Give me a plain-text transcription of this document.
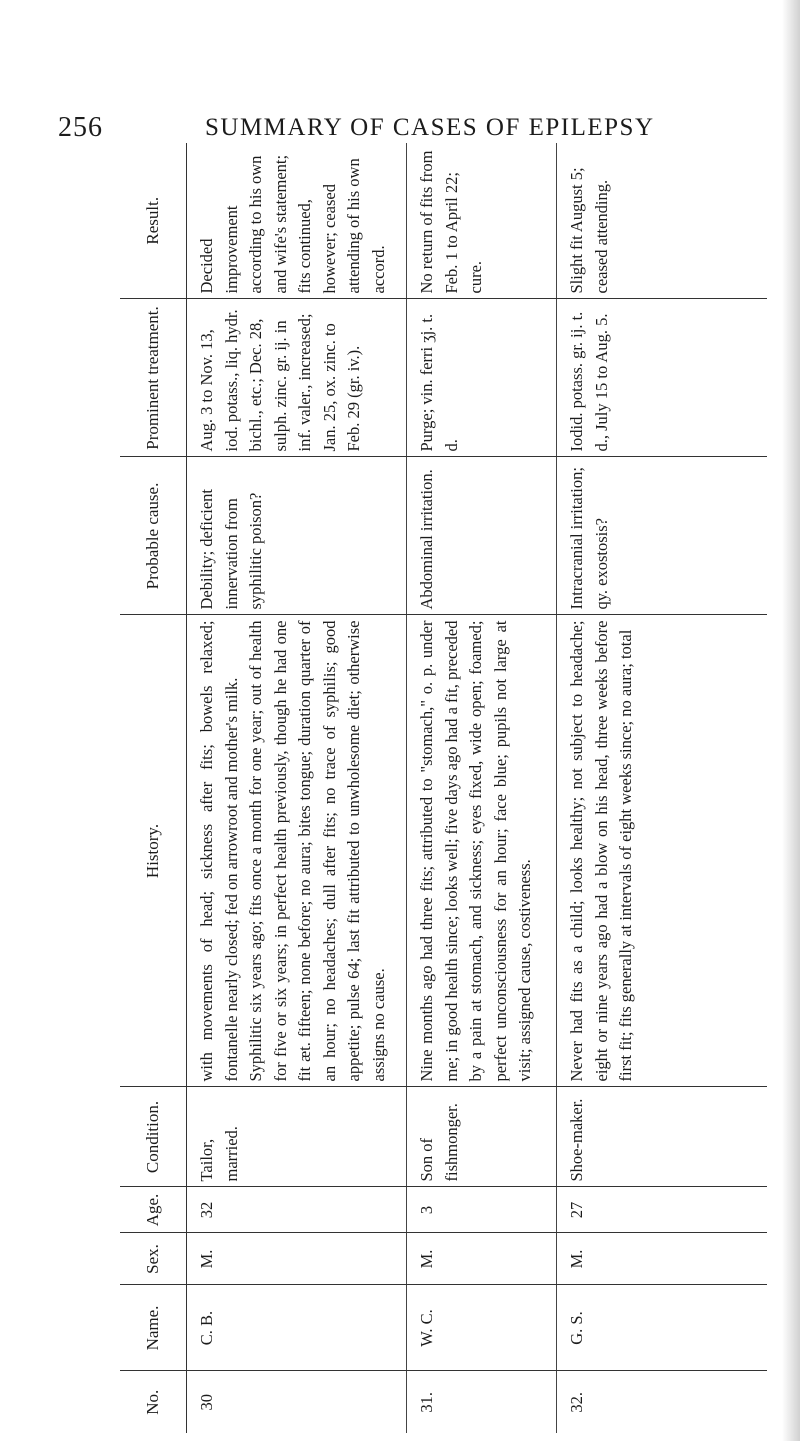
256	SUMMARY OF CASES OF EPILEPSY
No.	Name.	Sex.	Age.	Condition.	History.	Probable cause.	Prominent treatment.	Result.
30	C. B.	M.	32	Tailor, married.	with movements of head; sickness after fits; bowels relaxed; fontanelle nearly closed; fed on arrowroot and mother's milk. Syphilitic six years ago; fits once a month for one year; out of health for five or six years; in perfect health previously, though he had one fit æt. fifteen; none before; no aura; bites tongue; duration quarter of an hour; no headaches; dull after fits; no trace of syphilis; good appetite; pulse 64; last fit attributed to unwholesome diet; otherwise assigns no cause.	Debility; deficient innervation from syphilitic poison?	Aug. 3 to Nov. 13, iod. potass., liq. hydr. bichl., etc.; Dec. 28, sulph. zinc. gr. ij. in inf. valer., increased; Jan. 25, ox. zinc. to Feb. 29 (gr. iv.).	Decided improvement according to his own and wife's statement; fits continued, however; ceased attending of his own accord.
31.	W. C.	M.	3	Son of fishmonger.	Nine months ago had three fits; attributed to "stomach," o. p. under me; in good health since; looks well; five days ago had a fit, preceded by a pain at stomach, and sickness; eyes fixed, wide open; foamed; perfect unconsciousness for an hour; face blue; pupils not large at visit; assigned cause, costiveness.	Abdominal irritation.	Purge; vin. ferri ʒj. t. d.	No return of fits from Feb. 1 to April 22; cure.
32.	G. S.	M.	27	Shoe-maker.	Never had fits as a child; looks healthy; not subject to headache; eight or nine years ago had a blow on his head, three weeks before first fit; fits generally at intervals of eight weeks since; no aura; total	Intracranial irritation; qy. exostosis?	Iodid. potass. gr. ij. t. d., July 15 to Aug. 5.	Slight fit August 5; ceased attending.
